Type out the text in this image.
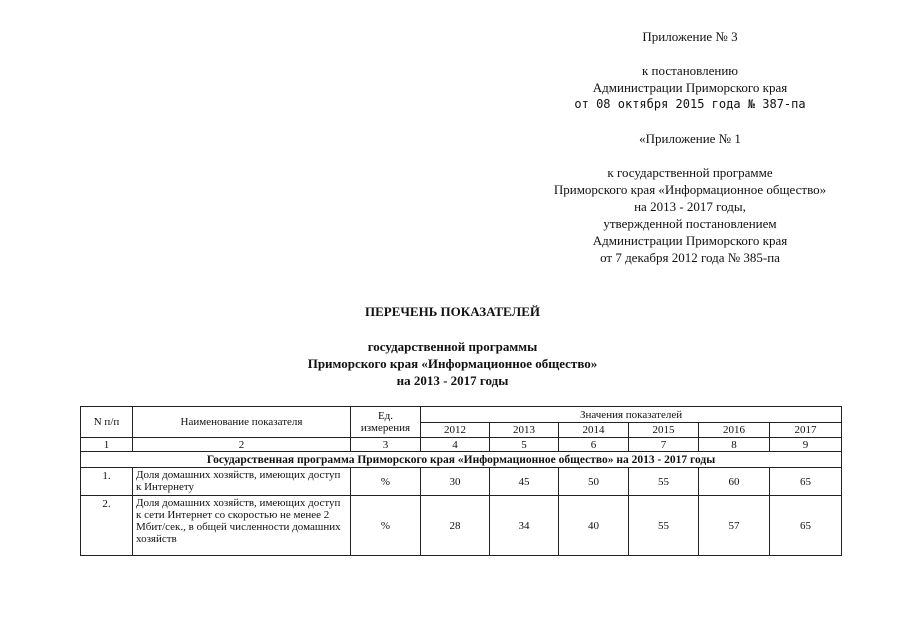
Приложение № 3
к постановлению
Администрации Приморского края
от 08 октября 2015 года № 387-па
«Приложение № 1
к государственной программе
Приморского края «Информационное общество»
на 2013 - 2017 годы,
утвержденной постановлением
Администрации Приморского края
от 7 декабря 2012 года № 385-па
ПЕРЕЧЕНЬ ПОКАЗАТЕЛЕЙ
государственной программы
Приморского края «Информационное общество»
на 2013 - 2017 годы
N п/п	Наименование показателя	Ед. измерения	Значения показателей					
			2012	2013	2014	2015	2016	2017
1	2	3	4	5	6	7	8	9
Государственная программа Приморского края «Информационное общество» на 2013 - 2017 годы								
1.	Доля домашних хозяйств, имеющих доступ к Интернету	%	30	45	50	55	60	65
2.	Доля домашних хозяйств, имеющих доступ к сети Интернет со скоростью не менее 2 Мбит/сек., в общей численности домашних хозяйств	%	28	34	40	55	57	65
